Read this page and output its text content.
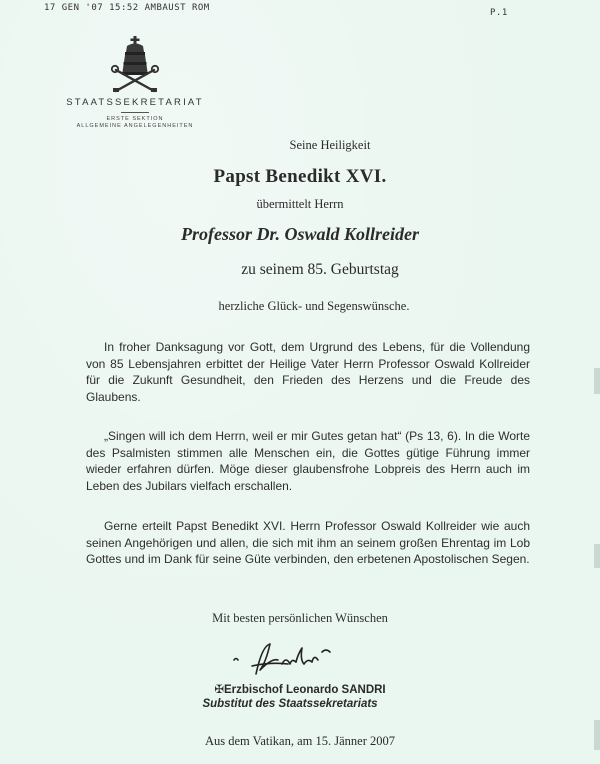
17 GEN '07 15:52 AMBAUST ROM	P.1
STAATSSEKRETARIAT
ERSTE SEKTION
ALLGEMEINE ANGELEGENHEITEN
Seine Heiligkeit
Papst Benedikt XVI.
übermittelt Herrn
Professor Dr. Oswald Kollreider
zu seinem 85. Geburtstag
herzliche Glück- und Segenswünsche.
In froher Danksagung vor Gott, dem Urgrund des Lebens, für die Vollendung von 85 Lebensjahren erbittet der Heilige Vater Herrn Professor Oswald Kollreider für die Zukunft Gesundheit, den Frieden des Herzens und die Freude des Glaubens.
„Singen will ich dem Herrn, weil er mir Gutes getan hat“ (Ps 13, 6). In die Worte des Psalmisten stimmen alle Menschen ein, die Gottes gütige Führung immer wieder erfahren dürfen. Möge dieser glaubensfrohe Lobpreis des Herrn auch im Leben des Jubilars vielfach erschallen.
Gerne erteilt Papst Benedikt XVI. Herrn Professor Oswald Kollreider wie auch seinen Angehörigen und allen, die sich mit ihm an seinem großen Ehrentag im Lob Gottes und im Dank für seine Güte verbinden, den erbetenen Apostolischen Segen.
Mit besten persönlichen Wünschen
✠Erzbischof Leonardo SANDRI
Substitut des Staatssekretariats
Aus dem Vatikan, am 15. Jänner 2007
